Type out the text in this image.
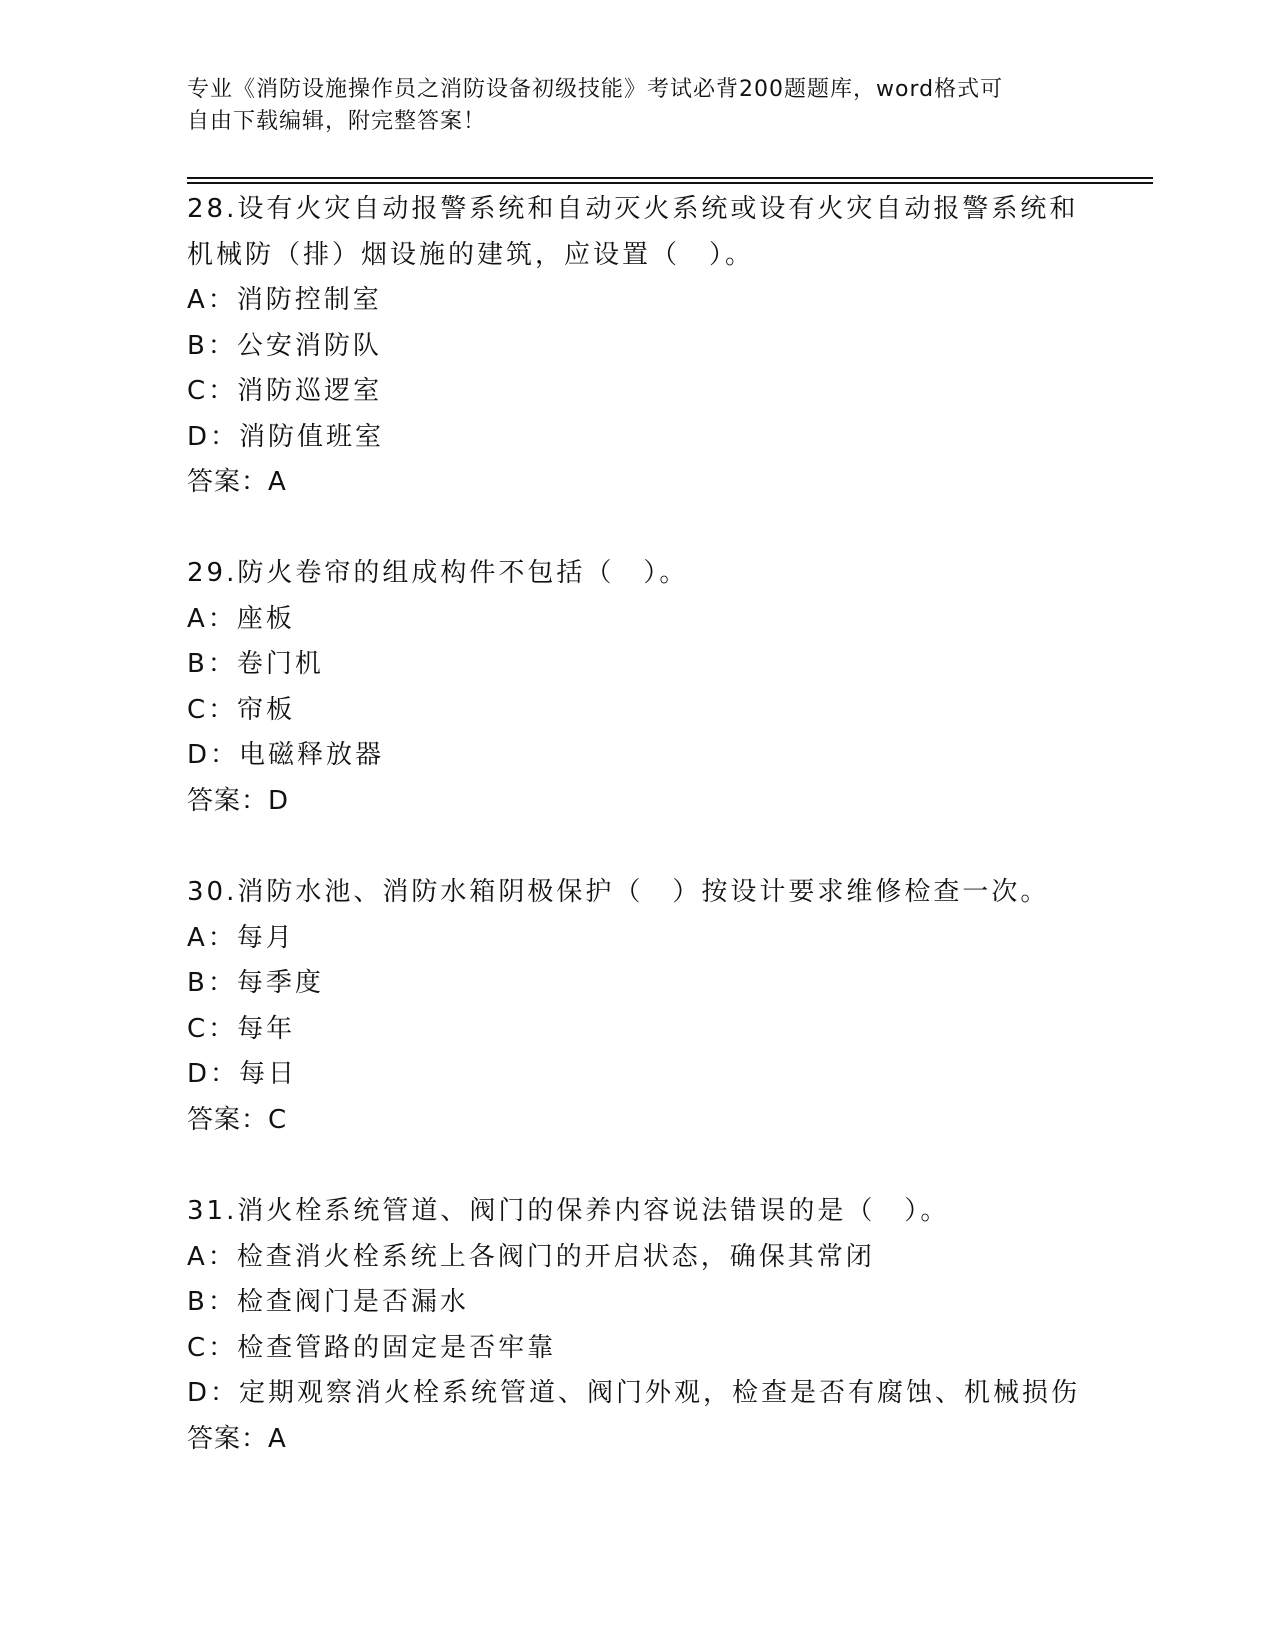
专业《消防设施操作员之消防设备初级技能》考试必背200题题库，word格式可
自由下载编辑，附完整答案！
28.设有火灾自动报警系统和自动灭火系统或设有火灾自动报警系统和
机械防（排）烟设施的建筑，应设置（　）。
A：消防控制室
B：公安消防队
C：消防巡逻室
D：消防值班室
答案：A
29.防火卷帘的组成构件不包括（　）。
A：座板
B：卷门机
C：帘板
D：电磁释放器
答案：D
30.消防水池、消防水箱阴极保护（　）按设计要求维修检查一次。
A：每月
B：每季度
C：每年
D：每日
答案：C
31.消火栓系统管道、阀门的保养内容说法错误的是（　）。
A：检查消火栓系统上各阀门的开启状态，确保其常闭
B：检查阀门是否漏水
C：检查管路的固定是否牢靠
D：定期观察消火栓系统管道、阀门外观，检查是否有腐蚀、机械损伤
答案：A
